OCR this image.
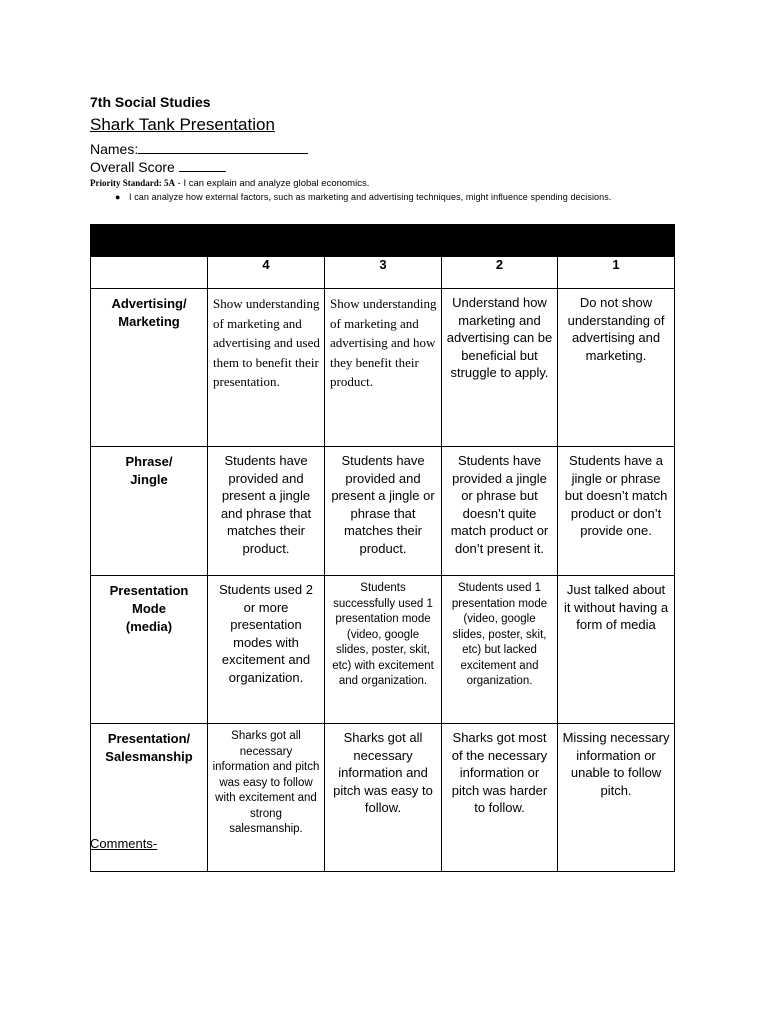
7th Social Studies
Shark Tank Presentation
Names:
Overall Score
Priority Standard: 5A - I can explain and analyze global economics.
● I can analyze how external factors, such as marketing and advertising techniques, might influence spending decisions.

	4	3	2	1

Advertising/
Marketing	Show understanding of marketing and advertising and used them to benefit their presentation.	Show understanding of marketing and advertising and how they benefit their product.	Understand how marketing and advertising can be beneficial but struggle to apply.	Do not show understanding of advertising and marketing.

Phrase/
Jingle	Students have provided and present a jingle and phrase that matches their product.	Students have provided and present a jingle or phrase that matches their product.	Students have provided a jingle or phrase but doesn’t quite match product or don’t present it.	Students have a jingle or phrase but doesn’t match product or don’t provide one.

Presentation
Mode
(media)	Students used 2 or more presentation modes with excitement and organization.	Students successfully used 1 presentation mode (video, google slides, poster, skit, etc) with excitement and organization.	Students used 1 presentation mode (video, google slides, poster, skit, etc) but lacked excitement and organization.	Just talked about it without having a form of media

Presentation/
Salesmanship	Sharks got all necessary information and pitch was easy to follow with excitement and strong salesmanship.	Sharks got all necessary information and pitch was easy to follow.	Sharks got most of the necessary information or pitch was harder to follow.	Missing necessary information or unable to follow pitch.
Comments-
